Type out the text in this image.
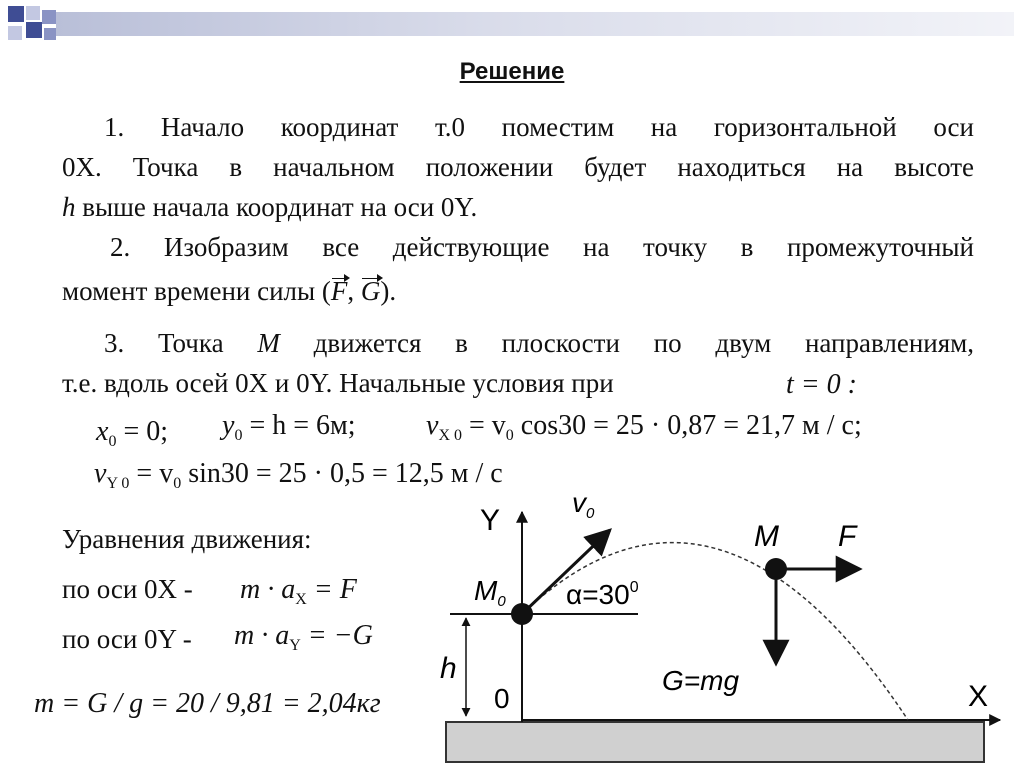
Решение
1. Начало координат т.0 поместим на горизонтальной оси
0Х. Точка в начальном положении будет находиться на высоте
h выше начала координат на оси 0Y.
2. Изобразим все действующие на точку в промежуточный
момент времени силы (F, G).
3. Точка M движется в плоскости по двум направлениям,
т.е. вдоль осей 0Х и 0Y. Начальные условия при	t = 0 :
$x_0 = 0$; $y_0 = h = 6м$;	$v_{X 0} = v_0$ cos30 = 25 · 0,87 = 21,7 м / с;
$v_{Y 0} = v_0$ sin30 = 25 · 0,5 = 12,5 м / с
Уравнения движения:
по оси $0Х - m \cdot a_X = F$
по оси $0Y - m \cdot a_Y = -G$
m = G / g = 20 / 9,81 = 2,04кг
Y
X
$v_0$
$M_0$ $\alpha=30^0$
M F
G=mg
h
0
